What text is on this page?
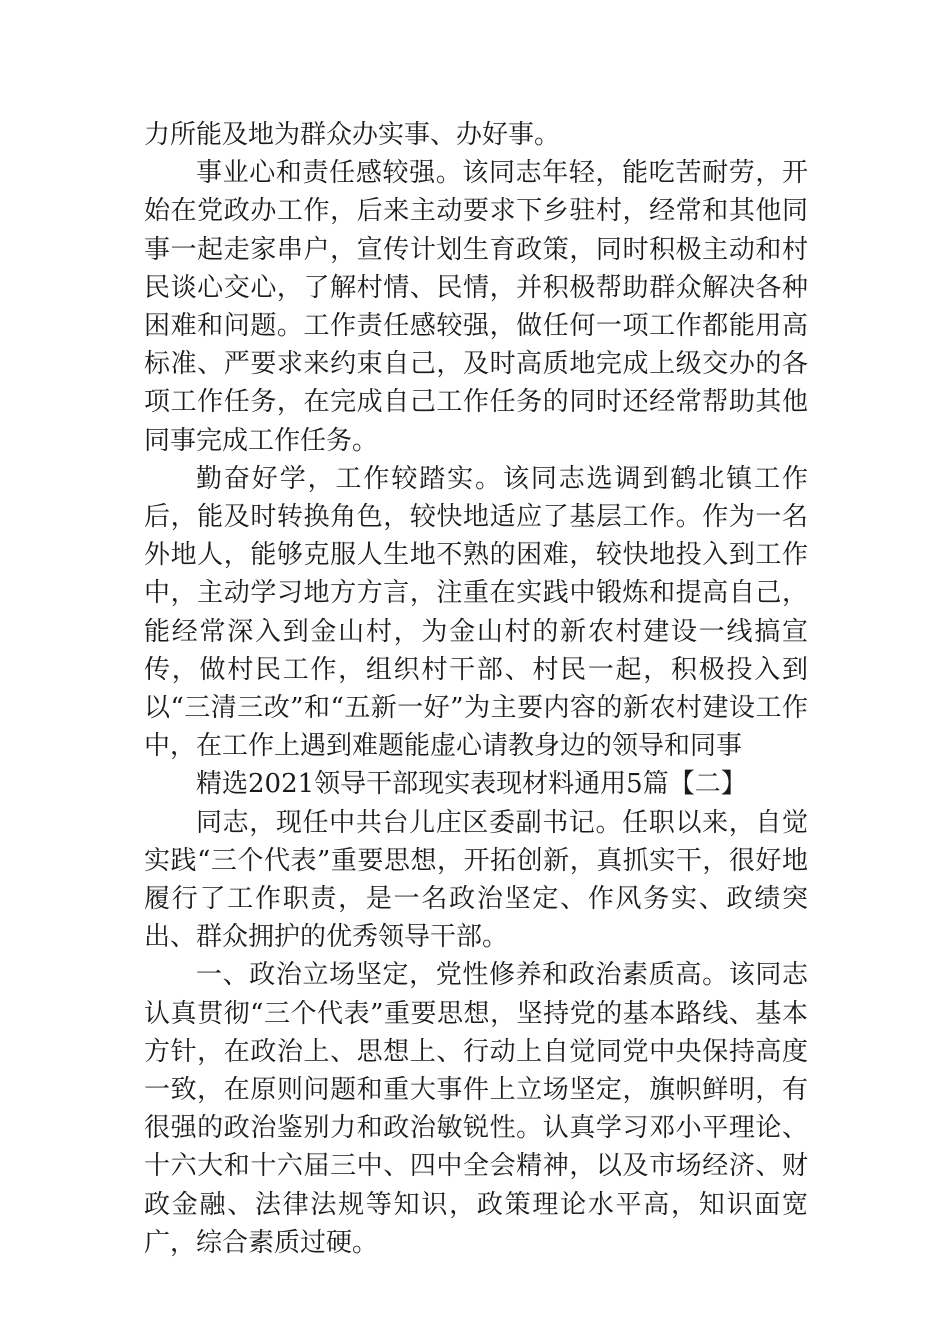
力所能及地为群众办实事、办好事。

事业心和责任感较强。该同志年轻，能吃苦耐劳，开始在党政办工作，后来主动要求下乡驻村，经常和其他同事一起走家串户，宣传计划生育政策，同时积极主动和村民谈心交心，了解村情、民情，并积极帮助群众解决各种困难和问题。工作责任感较强，做任何一项工作都能用高标准、严要求来约束自己，及时高质地完成上级交办的各项工作任务，在完成自己工作任务的同时还经常帮助其他同事完成工作任务。

勤奋好学，工作较踏实。该同志选调到鹤北镇工作后，能及时转换角色，较快地适应了基层工作。作为一名外地人，能够克服人生地不熟的困难，较快地投入到工作中，主动学习地方方言，注重在实践中锻炼和提高自己，能经常深入到金山村，为金山村的新农村建设一线搞宣传，做村民工作，组织村干部、村民一起，积极投入到以“三清三改”和“五新一好”为主要内容的新农村建设工作中，在工作上遇到难题能虚心请教身边的领导和同事

精选2021领导干部现实表现材料通用5篇【二】

同志，现任中共台儿庄区委副书记。任职以来，自觉实践“三个代表”重要思想，开拓创新，真抓实干，很好地履行了工作职责，是一名政治坚定、作风务实、政绩突出、群众拥护的优秀领导干部。

一、政治立场坚定，党性修养和政治素质高。该同志认真贯彻“三个代表”重要思想，坚持党的基本路线、基本方针，在政治上、思想上、行动上自觉同党中央保持高度一致，在原则问题和重大事件上立场坚定，旗帜鲜明，有很强的政治鉴别力和政治敏锐性。认真学习邓小平理论、十六大和十六届三中、四中全会精神，以及市场经济、财政金融、法律法规等知识，政策理论水平高，知识面宽广，综合素质过硬。
